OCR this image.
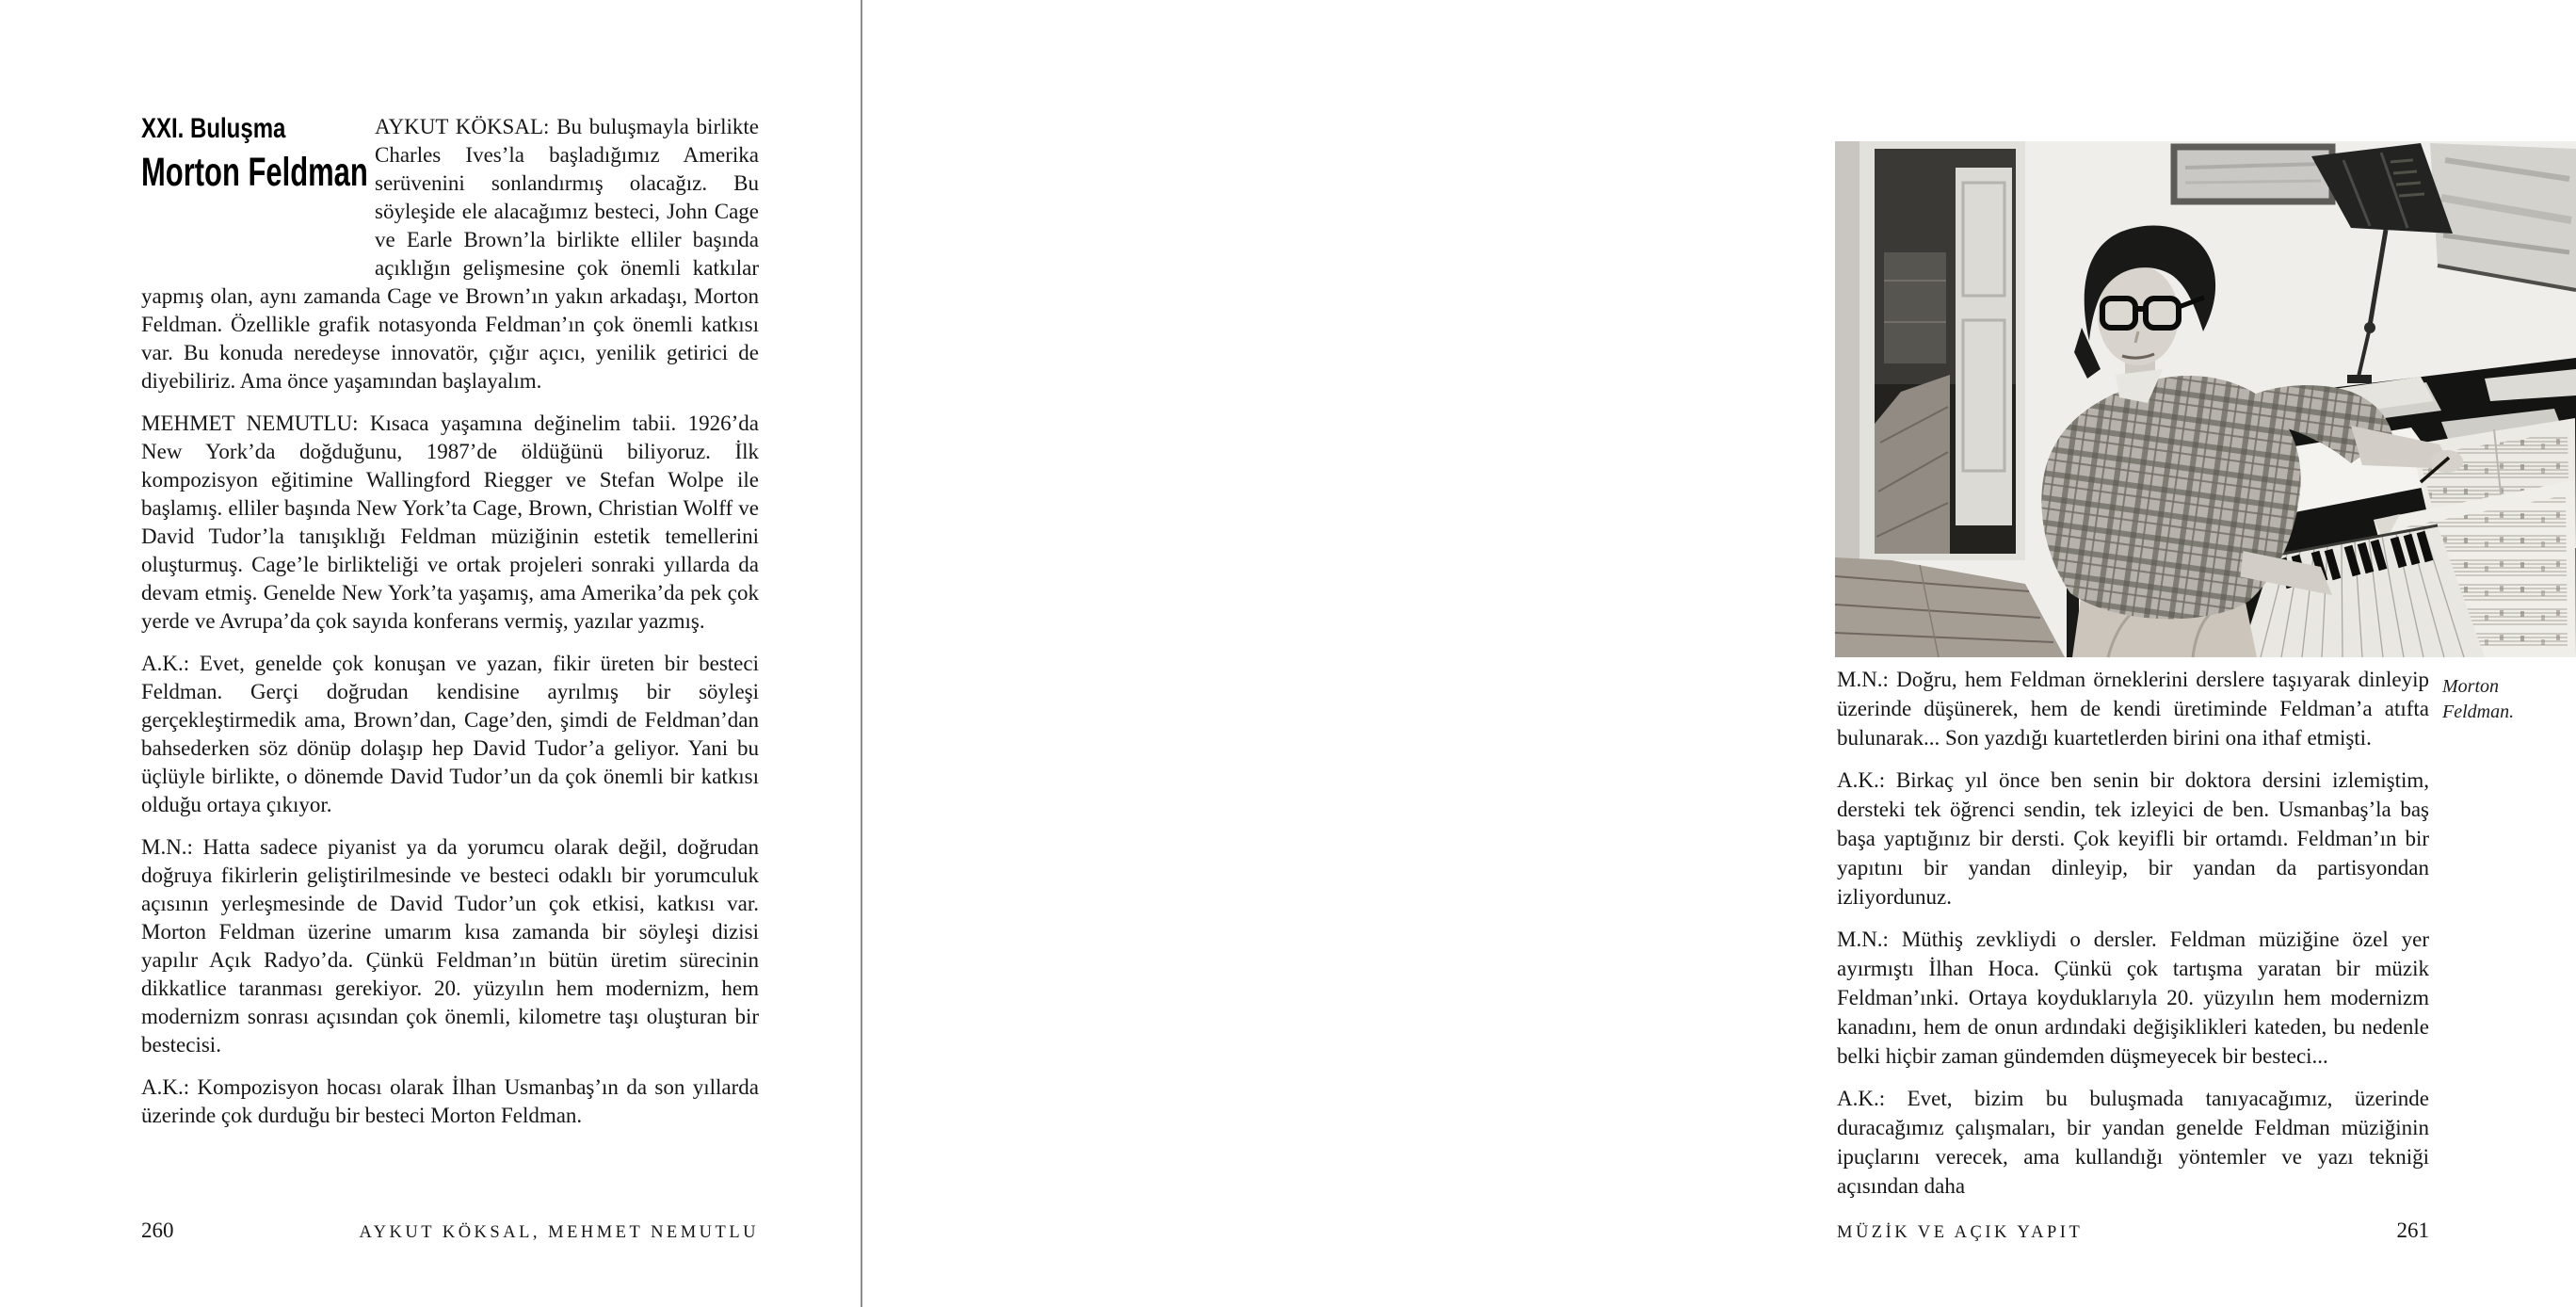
XXI. Buluşma Morton Feldman

AYKUT KÖKSAL: Bu buluşmayla birlikte Charles Ives’la başladığımız Amerika serüvenini sonlandırmış olacağız. Bu söyleşide ele alacağımız besteci, John Cage ve Earle Brown’la birlikte elliler başında açıklığın gelişmesine çok önemli katkılar yapmış olan, aynı zamanda Cage ve Brown’ın yakın arkadaşı, Morton Feldman. Özellikle grafik notasyonda Feldman’ın çok önemli katkısı var. Bu konuda neredeyse innovatör, çığır açıcı, yenilik getirici de diyebiliriz. Ama önce yaşamından başlayalım.

MEHMET NEMUTLU: Kısaca yaşamına değinelim tabii. 1926’da New York’da doğduğunu, 1987’de öldüğünü biliyoruz. İlk kompozisyon eğitimine Wallingford Riegger ve Stefan Wolpe ile başlamış. elliler başında New York’ta Cage, Brown, Christian Wolff ve David Tudor’la tanışıklığı Feldman müziğinin estetik temellerini oluşturmuş. Cage’le birlikteliği ve ortak projeleri sonraki yıllarda da devam etmiş. Genelde New York’ta yaşamış, ama Amerika’da pek çok yerde ve Avrupa’da çok sayıda konferans vermiş, yazılar yazmış.

A.K.: Evet, genelde çok konuşan ve yazan, fikir üreten bir besteci Feldman. Gerçi doğrudan kendisine ayrılmış bir söyleşi gerçekleştirmedik ama, Brown’dan, Cage’den, şimdi de Feldman’dan bahsederken söz dönüp dolaşıp hep David Tudor’a geliyor. Yani bu üçlüyle birlikte, o dönemde David Tudor’un da çok önemli bir katkısı olduğu ortaya çıkıyor.

M.N.: Hatta sadece piyanist ya da yorumcu olarak değil, doğrudan doğruya fikirlerin geliştirilmesinde ve besteci odaklı bir yorumculuk açısının yerleşmesinde de David Tudor’un çok etkisi, katkısı var. Morton Feldman üzerine umarım kısa zamanda bir söyleşi dizisi yapılır Açık Radyo’da. Çünkü Feldman’ın bütün üretim sürecinin dikkatlice taranması gerekiyor. 20. yüzyılın hem modernizm, hem modernizm sonrası açısından çok önemli, kilometre taşı oluşturan bir bestecisi.

A.K.: Kompozisyon hocası olarak İlhan Usmanbaş’ın da son yıllarda üzerinde çok durduğu bir besteci Morton Feldman.

260	AYKUT KÖKSAL, MEHMET NEMUTLU
Morton Feldman.

M.N.: Doğru, hem Feldman örneklerini derslere taşıyarak dinleyip üzerinde düşünerek, hem de kendi üretiminde Feldman’a atıfta bulunarak... Son yazdığı kuartetlerden birini ona ithaf etmişti.

A.K.: Birkaç yıl önce ben senin bir doktora dersini izlemiştim, dersteki tek öğrenci sendin, tek izleyici de ben. Usmanbaş’la baş başa yaptığınız bir dersti. Çok keyifli bir ortamdı. Feldman’ın bir yapıtını bir yandan dinleyip, bir yandan da partisyondan izliyordunuz.

M.N.: Müthiş zevkliydi o dersler. Feldman müziğine özel yer ayırmıştı İlhan Hoca. Çünkü çok tartışma yaratan bir müzik Feldman’ınki. Ortaya koyduklarıyla 20. yüzyılın hem modernizm kanadını, hem de onun ardındaki değişiklikleri kateden, bu nedenle belki hiçbir zaman gündemden düşmeyecek bir besteci...

A.K.: Evet, bizim bu buluşmada tanıyacağımız, üzerinde duracağımız çalışmaları, bir yandan genelde Feldman müziğinin ipuçlarını verecek, ama kullandığı yöntemler ve yazı tekniği açısından daha

MÜZİK VE AÇIK YAPIT	261
